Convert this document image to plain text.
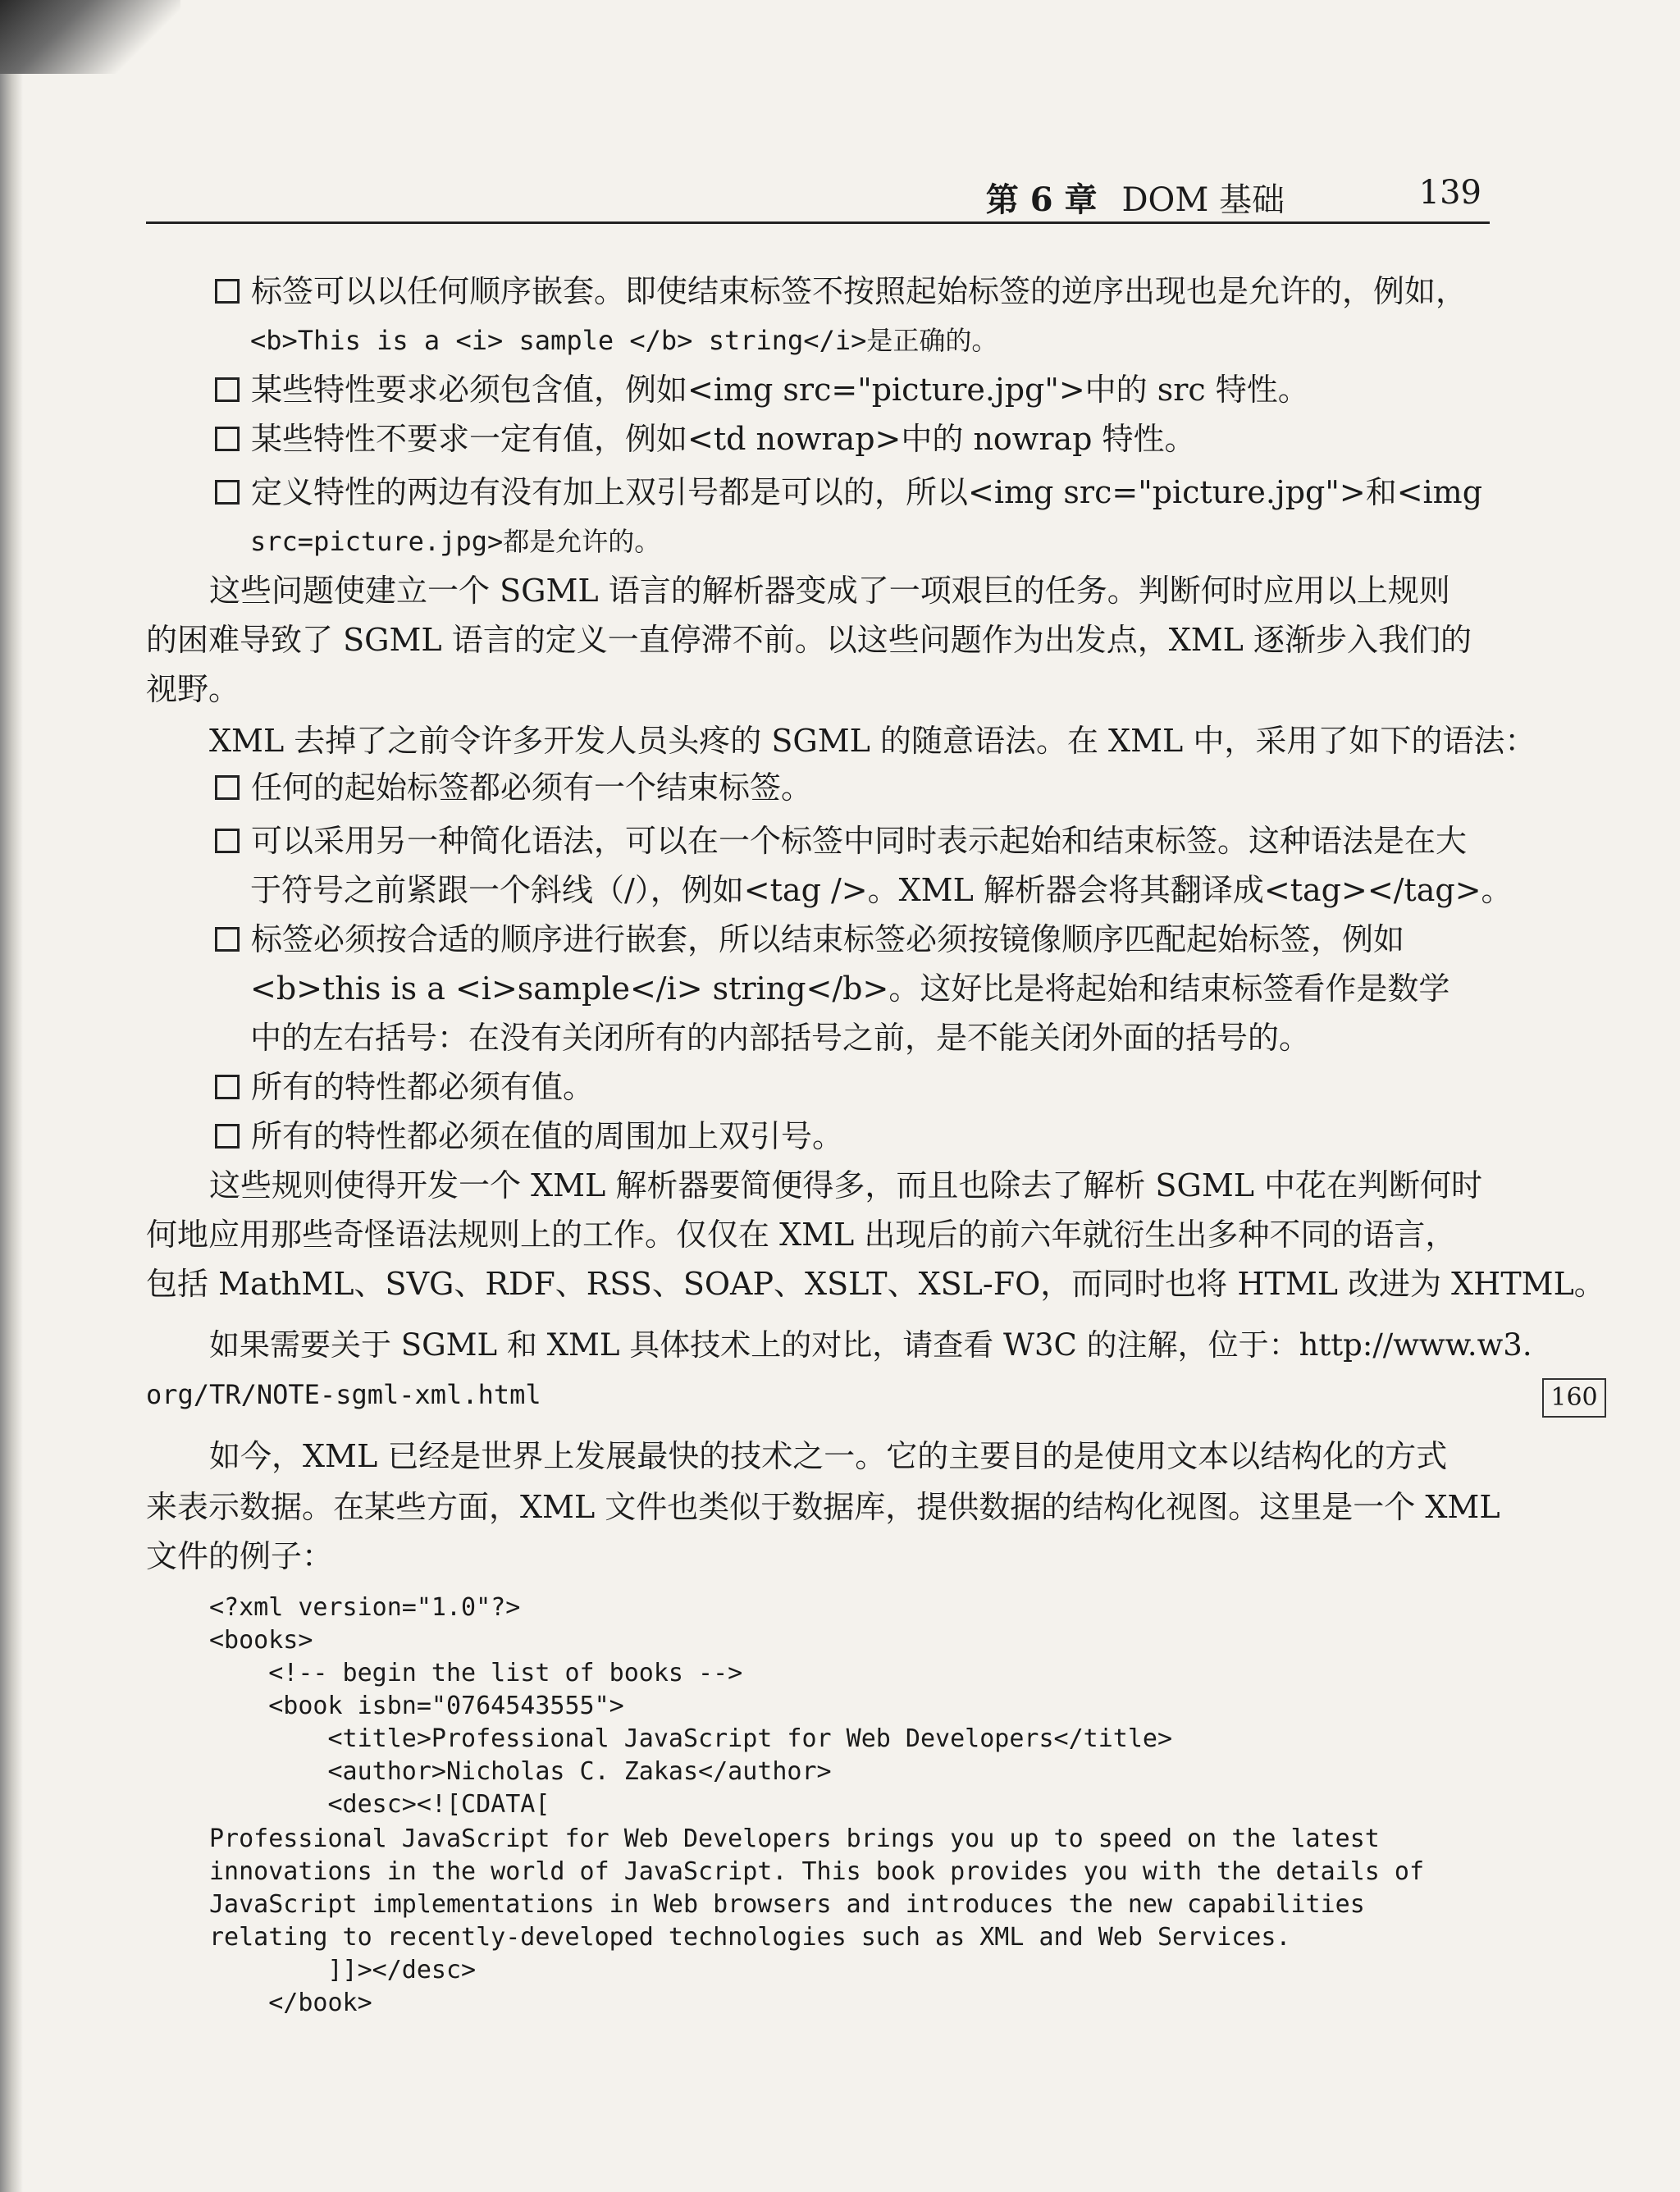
第 6 章 DOM 基础	139
标签可以以任何顺序嵌套。即使结束标签不按照起始标签的逆序出现也是允许的，例如，
<b>This is a <i> sample </b> string</i>是正确的。
某些特性要求必须包含值，例如<img src="picture.jpg">中的 src 特性。
某些特性不要求一定有值，例如<td nowrap>中的 nowrap 特性。
定义特性的两边有没有加上双引号都是可以的，所以<img src="picture.jpg">和<img
src=picture.jpg>都是允许的。
这些问题使建立一个 SGML 语言的解析器变成了一项艰巨的任务。判断何时应用以上规则
的困难导致了 SGML 语言的定义一直停滞不前。以这些问题作为出发点，XML 逐渐步入我们的
视野。
XML 去掉了之前令许多开发人员头疼的 SGML 的随意语法。在 XML 中，采用了如下的语法：
任何的起始标签都必须有一个结束标签。
可以采用另一种简化语法，可以在一个标签中同时表示起始和结束标签。这种语法是在大
于符号之前紧跟一个斜线（/），例如<tag />。XML 解析器会将其翻译成<tag></tag>。
标签必须按合适的顺序进行嵌套，所以结束标签必须按镜像顺序匹配起始标签，例如
<b>this is a <i>sample</i> string</b>。这好比是将起始和结束标签看作是数学
中的左右括号：在没有关闭所有的内部括号之前，是不能关闭外面的括号的。
所有的特性都必须有值。
所有的特性都必须在值的周围加上双引号。
这些规则使得开发一个 XML 解析器要简便得多，而且也除去了解析 SGML 中花在判断何时
何地应用那些奇怪语法规则上的工作。仅仅在 XML 出现后的前六年就衍生出多种不同的语言，
包括 MathML、SVG、RDF、RSS、SOAP、XSLT、XSL-FO，而同时也将 HTML 改进为 XHTML。
如果需要关于 SGML 和 XML 具体技术上的对比，请查看 W3C 的注解，位于：http://www.w3.
org/TR/NOTE-sgml-xml.html	160
如今，XML 已经是世界上发展最快的技术之一。它的主要目的是使用文本以结构化的方式
来表示数据。在某些方面，XML 文件也类似于数据库，提供数据的结构化视图。这里是一个 XML
文件的例子：
<?xml version="1.0"?>
<books>
<!-- begin the list of books -->
<book isbn="0764543555">
<title>Professional JavaScript for Web Developers</title>
<author>Nicholas C. Zakas</author>
<desc><![CDATA[
Professional JavaScript for Web Developers brings you up to speed on the latest
innovations in the world of JavaScript. This book provides you with the details of
JavaScript implementations in Web browsers and introduces the new capabilities
relating to recently-developed technologies such as XML and Web Services.
]]></desc>
</book>
